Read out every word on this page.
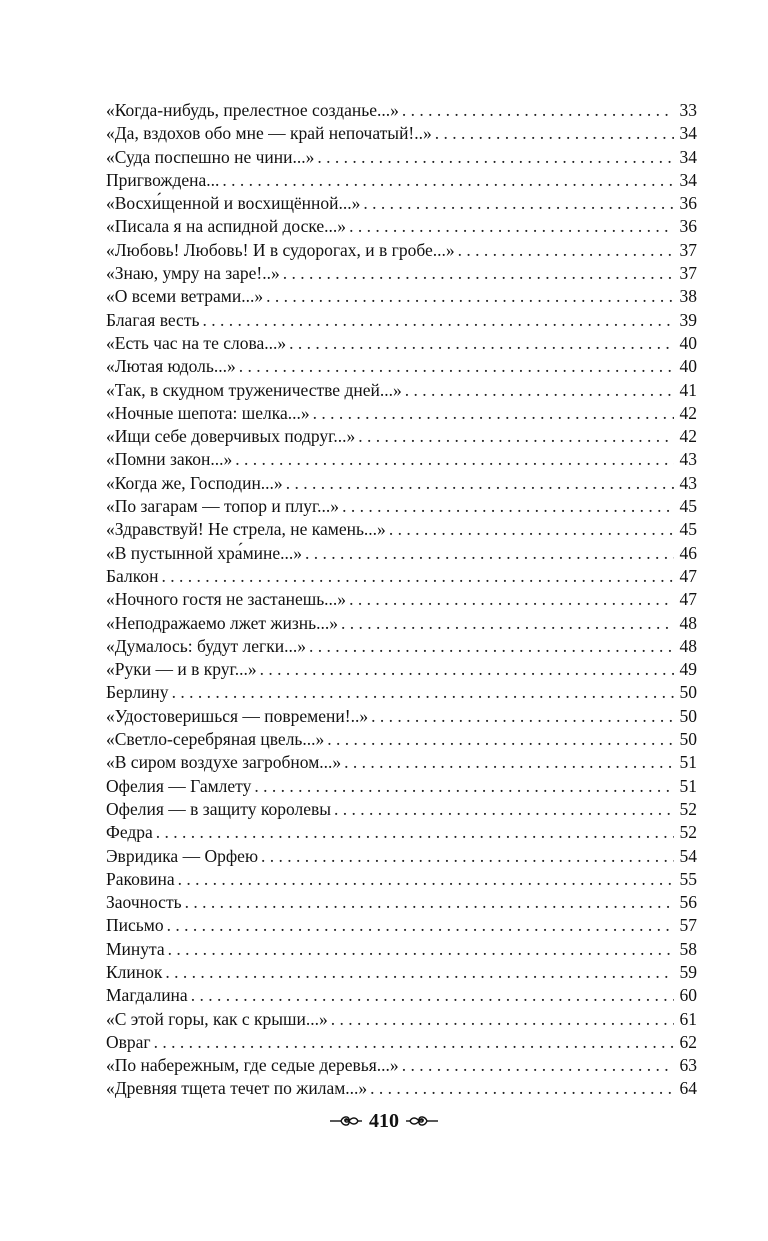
«Когда-нибудь, прелестное созданье...» . . .	33
«Да, вздохов обо мне — край непочатый!..» . . .	34
«Суда поспешно не чини...» . . .	34
Пригвождена... . . .	34
«Восхи́щенной и восхищённой...» . . .	36
«Писала я на аспидной доске...» . . .	36
«Любовь! Любовь! И в судорогах, и в гробе...» . . .	37
«Знаю, умру на заре!..» . . .	37
«О всеми ветрами...» . . .	38
Благая весть . . .	39
«Есть час на те слова...» . . .	40
«Лютая юдоль...» . . .	40
«Так, в скудном труженичестве дней...» . . .	41
«Ночные шепота: шелка...» . . .	42
«Ищи себе доверчивых подруг...» . . .	42
«Помни закон...» . . .	43
«Когда же, Господин...» . . .	43
«По загарам — топор и плуг...» . . .	45
«Здравствуй! Не стрела, не камень...» . . .	45
«В пустынной хра́мине...» . . .	46
Балкон . . .	47
«Ночного гостя не застанешь...» . . .	47
«Неподражаемо лжет жизнь...» . . .	48
«Думалось: будут легки...» . . .	48
«Руки — и в круг...» . . .	49
Берлину . . .	50
«Удостоверишься — повремени!..» . . .	50
«Светло-серебряная цвель...» . . .	50
«В сиром воздухе загробном...» . . .	51
Офелия — Гамлету . . .	51
Офелия — в защиту королевы . . .	52
Федра . . .	52
Эвридика — Орфею . . .	54
Раковина . . .	55
Заочность . . .	56
Письмо . . .	57
Минута . . .	58
Клинок . . .	59
Магдалина . . .	60
«С этой горы, как с крыши...» . . .	61
Овраг . . .	62
«По набережным, где седые деревья...» . . .	63
«Древняя тщета течет по жилам...» . . .	64
410
